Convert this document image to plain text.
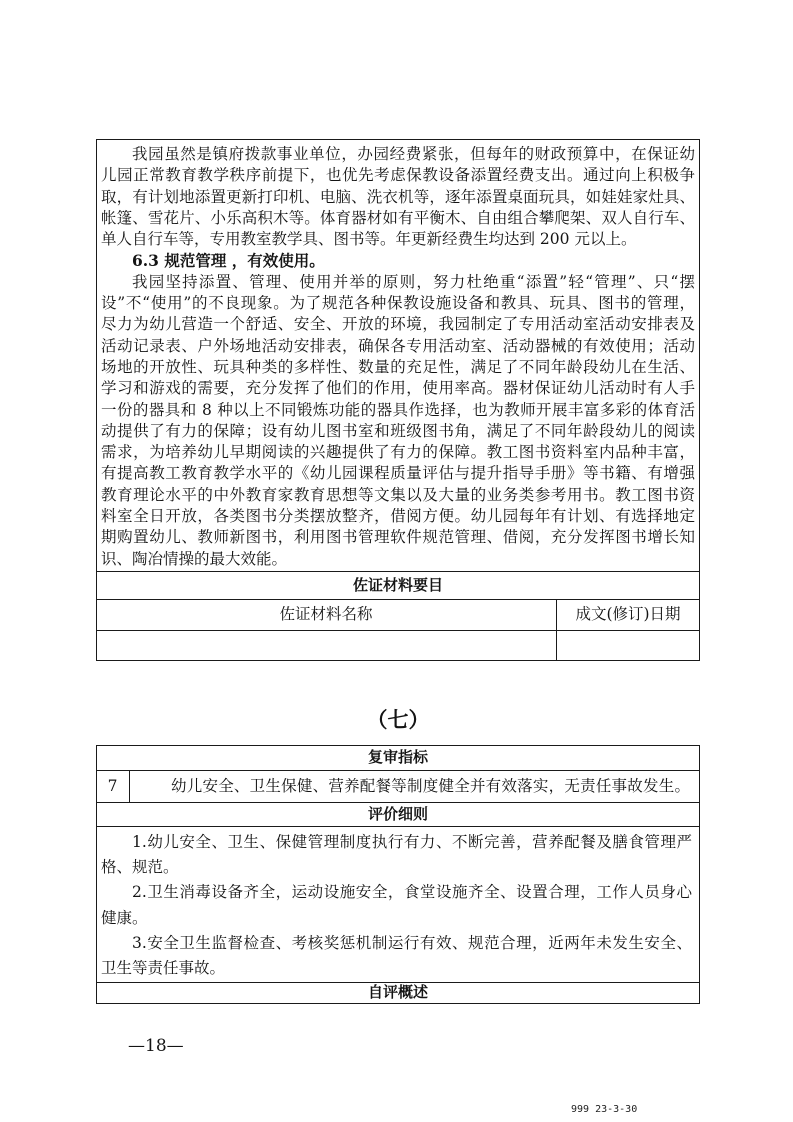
我园虽然是镇府拨款事业单位，办园经费紧张，但每年的财政预算中，在保证幼
儿园正常教育教学秩序前提下，也优先考虑保教设备添置经费支出。通过向上积极争
取，有计划地添置更新打印机、电脑、洗衣机等，逐年添置桌面玩具，如娃娃家灶具、
帐篷、雪花片、小乐高积木等。体育器材如有平衡木、自由组合攀爬架、双人自行车、
单人自行车等，专用教室教学具、图书等。年更新经费生均达到 200 元以上。
6.3 规范管理 ，有效使用。
我园坚持添置、管理、使用并举的原则，努力杜绝重“添置”轻“管理”、只“摆
设”不“使用”的不良现象。为了规范各种保教设施设备和教具、玩具、图书的管理，
尽力为幼儿营造一个舒适、安全、开放的环境，我园制定了专用活动室活动安排表及
活动记录表、户外场地活动安排表，确保各专用活动室、活动器械的有效使用；活动
场地的开放性、玩具种类的多样性、数量的充足性，满足了不同年龄段幼儿在生活、
学习和游戏的需要，充分发挥了他们的作用，使用率高。器材保证幼儿活动时有人手
一份的器具和 8 种以上不同锻炼功能的器具作选择，也为教师开展丰富多彩的体育活
动提供了有力的保障；设有幼儿图书室和班级图书角，满足了不同年龄段幼儿的阅读
需求，为培养幼儿早期阅读的兴趣提供了有力的保障。教工图书资料室内品种丰富，
有提高教工教育教学水平的《幼儿园课程质量评估与提升指导手册》等书籍、有增强
教育理论水平的中外教育家教育思想等文集以及大量的业务类参考用书。教工图书资
料室全日开放，各类图书分类摆放整齐，借阅方便。幼儿园每年有计划、有选择地定
期购置幼儿、教师新图书，利用图书管理软件规范管理、借阅，充分发挥图书增长知
识、陶冶情操的最大效能。
佐证材料要目
佐证材料名称	成文(修订)日期
（七）
复审指标
7	幼儿安全、卫生保健、营养配餐等制度健全并有效落实，无责任事故发生。
评价细则
1.幼儿安全、卫生、保健管理制度执行有力、不断完善，营养配餐及膳食管理严
格、规范。
2.卫生消毒设备齐全，运动设施安全，食堂设施齐全、设置合理，工作人员身心
健康。
3.安全卫生监督检查、考核奖惩机制运行有效、规范合理，近两年未发生安全、
卫生等责任事故。
自评概述
—18—
999 23-3-30
